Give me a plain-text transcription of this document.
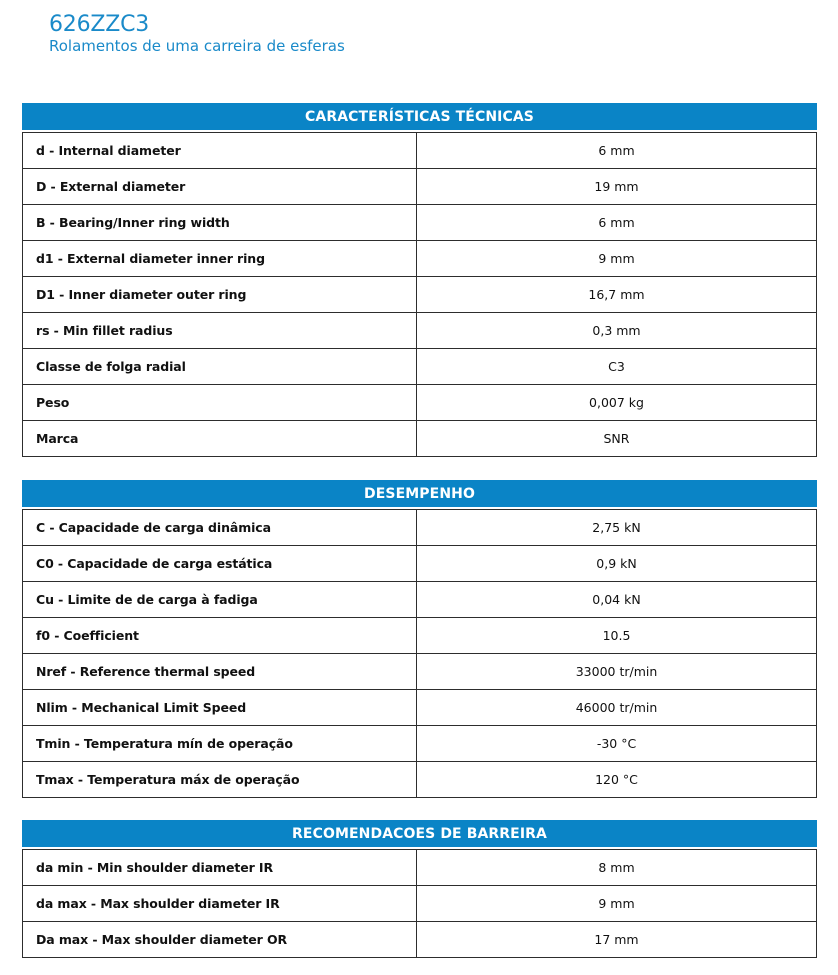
626ZZC3
Rolamentos de uma carreira de esferas
CARACTERÍSTICAS TÉCNICAS
d - Internal diameter	6 mm
D - External diameter	19 mm
B - Bearing/Inner ring width	6 mm
d1 - External diameter inner ring	9 mm
D1 - Inner diameter outer ring	16,7 mm
rs - Min fillet radius	0,3 mm
Classe de folga radial	C3
Peso	0,007 kg
Marca	SNR
DESEMPENHO
C - Capacidade de carga dinâmica	2,75 kN
C0 - Capacidade de carga estática	0,9 kN
Cu - Limite de de carga à fadiga	0,04 kN
f0 - Coefficient	10.5
Nref - Reference thermal speed	33000 tr/min
Nlim - Mechanical Limit Speed	46000 tr/min
Tmin - Temperatura mín de operação	-30 °C
Tmax - Temperatura máx de operação	120 °C
RECOMENDACOES DE BARREIRA
da min - Min shoulder diameter IR	8 mm
da max - Max shoulder diameter IR	9 mm
Da max - Max shoulder diameter OR	17 mm
